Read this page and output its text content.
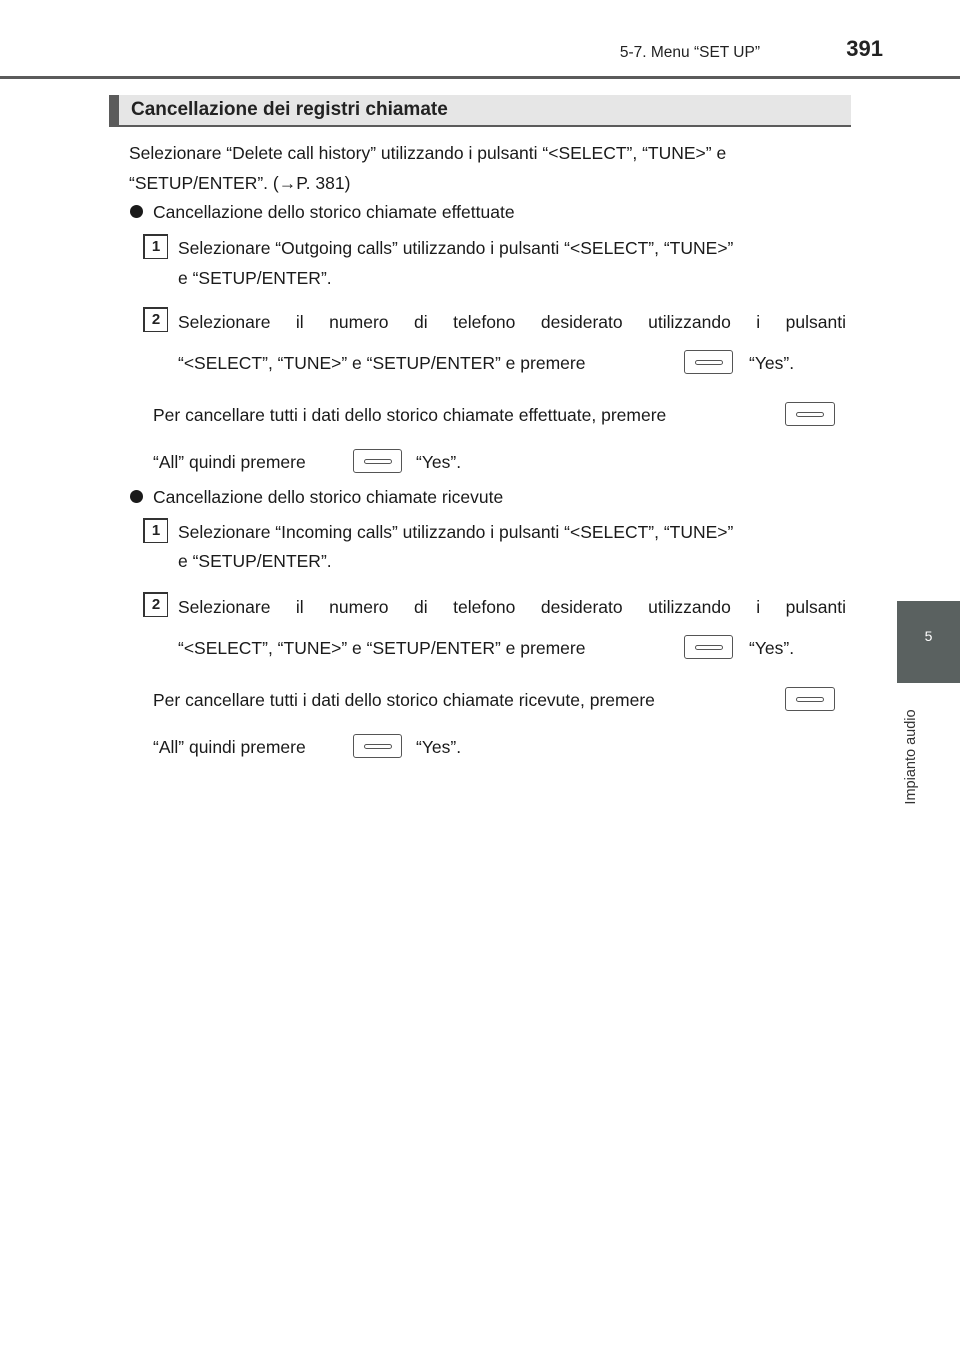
5-7. Menu “SET UP”	391
5
Impianto audio
Cancellazione dei registri chiamate
Selezionare “Delete call history” utilizzando i pulsanti “<SELECT”, “TUNE>” e
“SETUP/ENTER”. (→P. 381)
Cancellazione dello storico chiamate effettuate
1	Selezionare “Outgoing calls” utilizzando i pulsanti “<SELECT”, “TUNE>”
e “SETUP/ENTER”.
2	Selezionare il numero di telefono desiderato utilizzando i pulsanti
“<SELECT”, “TUNE>” e “SETUP/ENTER” e premere	“Yes”.
Per cancellare tutti i dati dello storico chiamate effettuate, premere
“All” quindi premere	“Yes”.
Cancellazione dello storico chiamate ricevute
1	Selezionare “Incoming calls” utilizzando i pulsanti “<SELECT”, “TUNE>”
e “SETUP/ENTER”.
2	Selezionare il numero di telefono desiderato utilizzando i pulsanti
“<SELECT”, “TUNE>” e “SETUP/ENTER” e premere	“Yes”.
Per cancellare tutti i dati dello storico chiamate ricevute, premere
“All” quindi premere	“Yes”.
